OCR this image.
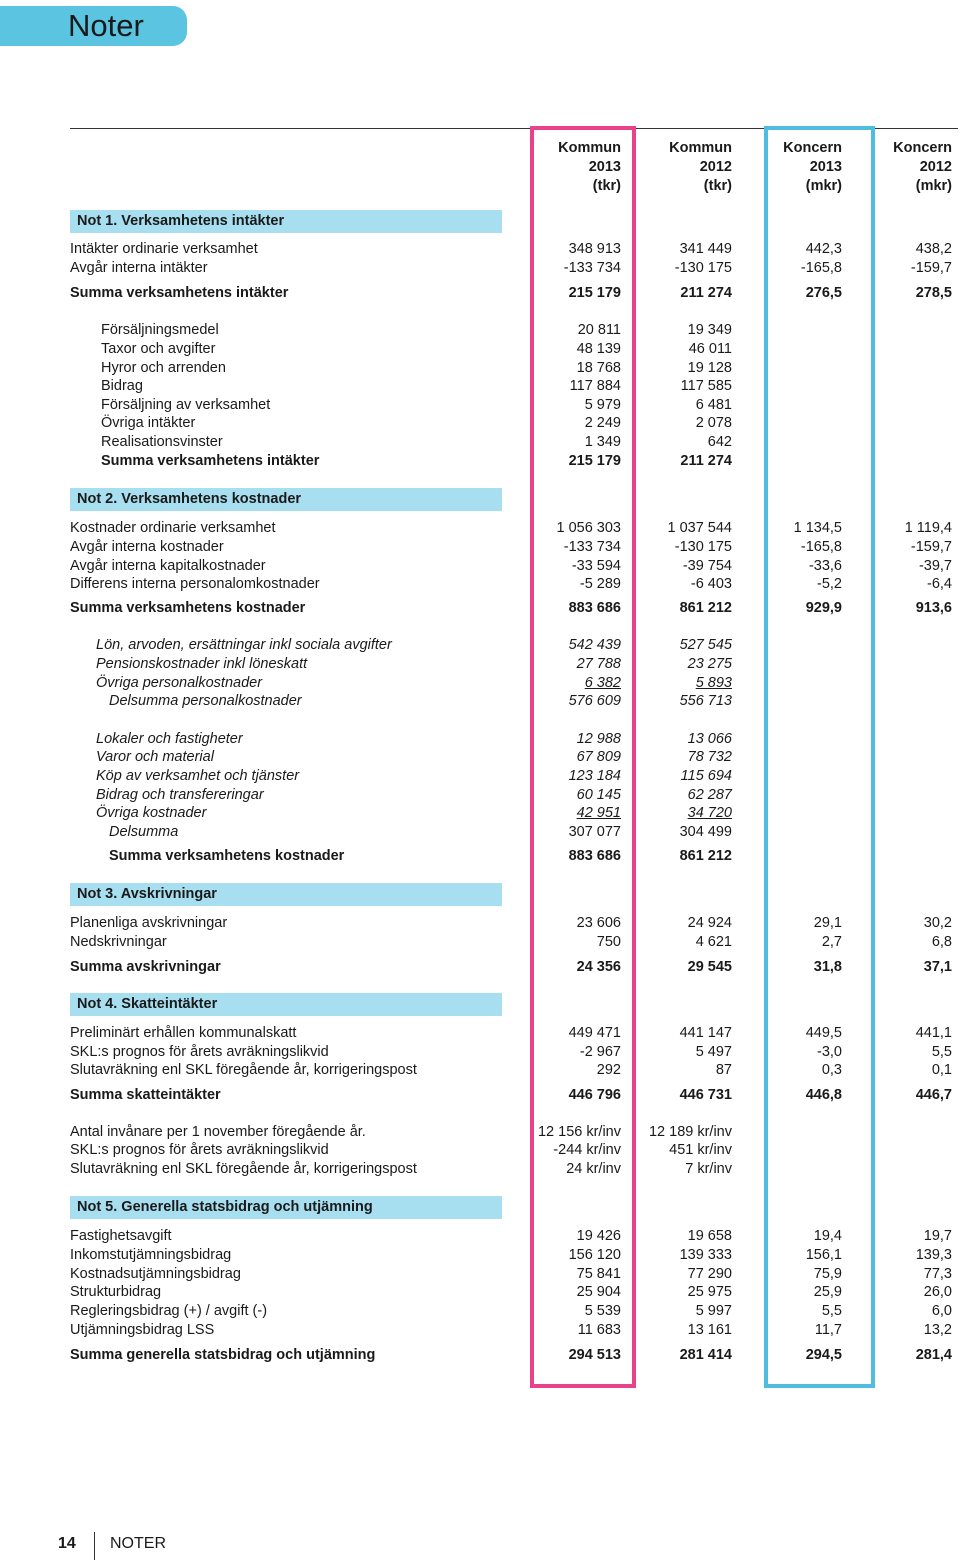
Noter
Kommun
2013
(tkr)
Kommun
2012
(tkr)
Koncern
2013
(mkr)
Koncern
2012
(mkr)
Not 1. Verksamhetens intäkter
Not 2. Verksamhetens kostnader
Not 3. Avskrivningar
Not 4. Skatteintäkter
Not 5. Generella statsbidrag och utjämning
Intäkter ordinarie verksamhet	348 913	341 449	442,3	438,2
Avgår interna intäkter	-133 734	-130 175	-165,8	-159,7
Summa verksamhetens intäkter	215 179	211 274	276,5	278,5
Försäljningsmedel	20 811	19 349
Taxor och avgifter	48 139	46 011
Hyror och arrenden	18 768	19 128
Bidrag	117 884	117 585
Försäljning av verksamhet	5 979	6 481
Övriga intäkter	2 249	2 078
Realisationsvinster	1 349	642
Summa verksamhetens intäkter	215 179	211 274
Kostnader ordinarie verksamhet	1 056 303	1 037 544	1 134,5	1 119,4
Avgår interna kostnader	-133 734	-130 175	-165,8	-159,7
Avgår interna kapitalkostnader	-33 594	-39 754	-33,6	-39,7
Differens interna personalomkostnader	-5 289	-6 403	-5,2	-6,4
Summa verksamhetens kostnader	883 686	861 212	929,9	913,6
Lön, arvoden, ersättningar inkl sociala avgifter	542 439	527 545
Pensionskostnader inkl löneskatt	27 788	23 275
Övriga personalkostnader	6 382	5 893
Delsumma personalkostnader	576 609	556 713
Lokaler och fastigheter	12 988	13 066
Varor och material	67 809	78 732
Köp av verksamhet och tjänster	123 184	115 694
Bidrag och transfereringar	60 145	62 287
Övriga kostnader	42 951	34 720
Delsumma	307 077	304 499
Summa verksamhetens kostnader	883 686	861 212
Planenliga avskrivningar	23 606	24 924	29,1	30,2
Nedskrivningar	750	4 621	2,7	6,8
Summa avskrivningar	24 356	29 545	31,8	37,1
Preliminärt erhållen kommunalskatt	449 471	441 147	449,5	441,1
SKL:s prognos för årets avräkningslikvid	-2 967	5 497	-3,0	5,5
Slutavräkning enl SKL föregående år, korrigeringspost	292	87	0,3	0,1
Summa skatteintäkter	446 796	446 731	446,8	446,7
Antal invånare per 1 november föregående år.	12 156 kr/inv	12 189 kr/inv
SKL:s prognos för årets avräkningslikvid	-244 kr/inv	451 kr/inv
Slutavräkning enl SKL föregående år, korrigeringspost	24 kr/inv	7 kr/inv
Fastighetsavgift	19 426	19 658	19,4	19,7
Inkomstutjämningsbidrag	156 120	139 333	156,1	139,3
Kostnadsutjämningsbidrag	75 841	77 290	75,9	77,3
Strukturbidrag	25 904	25 975	25,9	26,0
Regleringsbidrag (+) / avgift (-)	5 539	5 997	5,5	6,0
Utjämningsbidrag LSS	11 683	13 161	11,7	13,2
Summa generella statsbidrag och utjämning	294 513	281 414	294,5	281,4
14 NOTER
